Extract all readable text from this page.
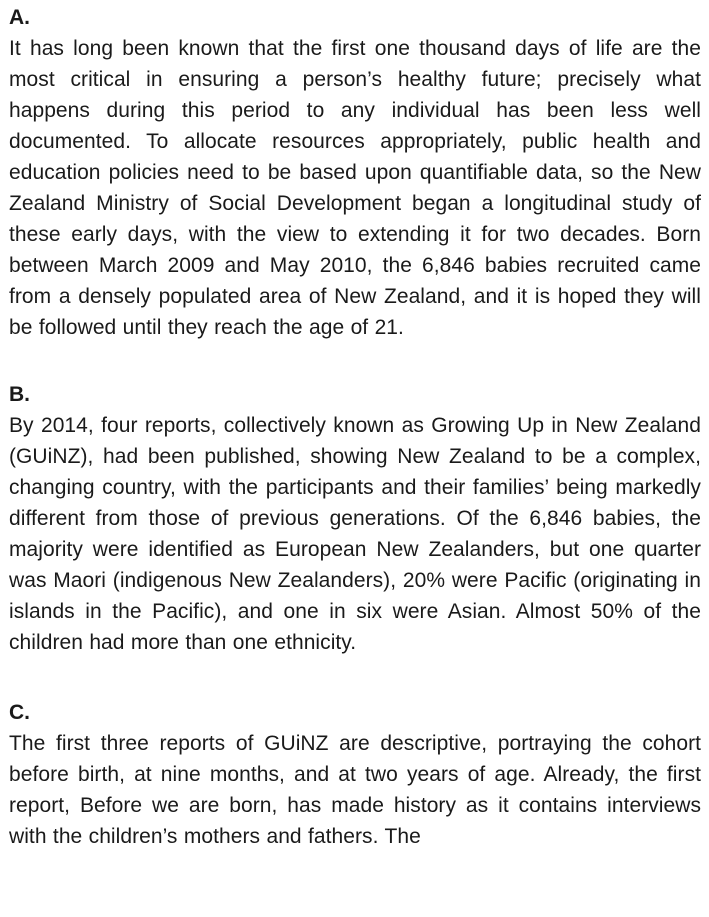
A.

It has long been known that the first one thousand days of life are the most critical in ensuring a person’s healthy future; precisely what happens during this period to any individual has been less well documented. To allocate resources appropriately, public health and education policies need to be based upon quantifiable data, so the New Zealand Ministry of Social Development began a longitudinal study of these early days, with the view to extending it for two decades. Born between March 2009 and May 2010, the 6,846 babies recruited came from a densely populated area of New Zealand, and it is hoped they will be followed until they reach the age of 21.

B.

By 2014, four reports, collectively known as Growing Up in New Zealand (GUiNZ), had been published, showing New Zealand to be a complex, changing country, with the participants and their families’ being markedly different from those of previous generations. Of the 6,846 babies, the majority were identified as European New Zealanders, but one quarter was Maori (indigenous New Zealanders), 20% were Pacific (originating in islands in the Pacific), and one in six were Asian. Almost 50% of the children had more than one ethnicity.

C.

The first three reports of GUiNZ are descriptive, portraying the cohort before birth, at nine months, and at two years of age. Already, the first report, Before we are born, has made history as it contains interviews with the children’s mothers and fathers. The
